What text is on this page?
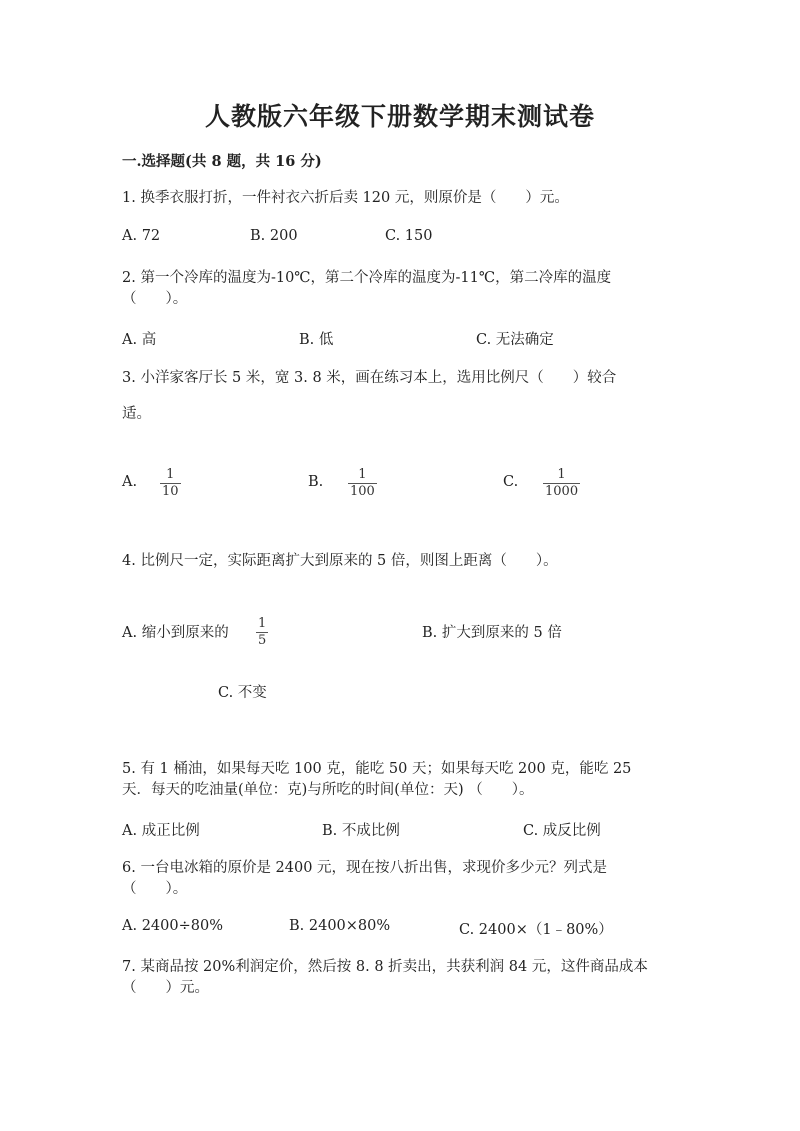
人教版六年级下册数学期末测试卷
一.选择题(共 8 题，共 16 分)
1. 换季衣服打折，一件衬衣六折后卖 120 元，则原价是（　　）元。
A. 72	B. 200	C. 150
2. 第一个冷库的温度为-10℃，第二个冷库的温度为-11℃，第二冷库的温度
（　　）。
A. 高	B. 低	C. 无法确定
3. 小洋家客厅长 5 米，宽 3. 8 米，画在练习本上，选用比例尺（　　）较合
适。
A. 1
10
B.	1
100
C.	1
1000
4. 比例尺一定，实际距离扩大到原来的 5 倍，则图上距离（　　）。
A. 缩小到原来的
1
5	B. 扩大到原来的 5 倍
C. 不变
5. 有 1 桶油，如果每天吃 100 克，能吃 50 天；如果每天吃 200 克，能吃 25
天．每天的吃油量(单位：克)与所吃的时间(单位：天) （　　）。
A. 成正比例	B. 不成比例	C. 成反比例
6. 一台电冰箱的原价是 2400 元，现在按八折出售，求现价多少元？列式是
（　　）。
A. 2400÷80%	B. 2400×80%	C. 2400×（1﹣80%）
7. 某商品按 20%利润定价，然后按 8. 8 折卖出，共获利润 84 元，这件商品成本
（　　）元。
